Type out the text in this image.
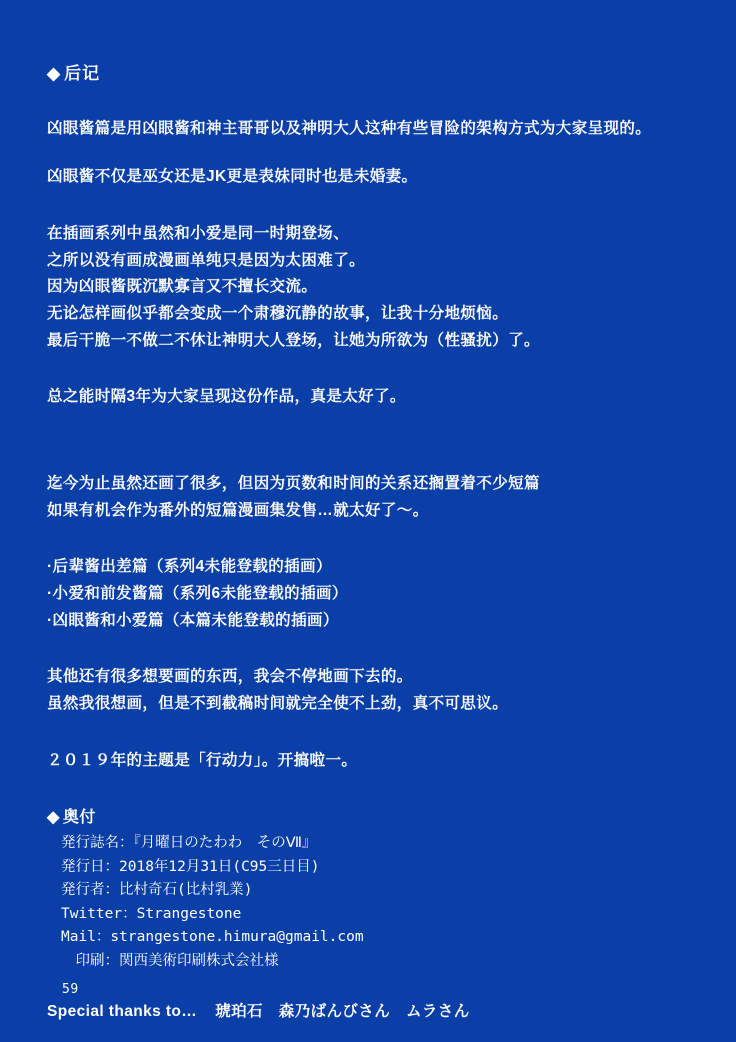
◆ 后记

凶眼酱篇是用凶眼酱和神主哥哥以及神明大人这种有些冒险的架构方式为大家呈现的。

凶眼酱不仅是巫女还是JK更是表妹同时也是未婚妻。

在插画系列中虽然和小爱是同一时期登场、

之所以没有画成漫画单纯只是因为太困难了。

因为凶眼酱既沉默寡言又不擅长交流。

无论怎样画似乎都会变成一个肃穆沉静的故事，让我十分地烦恼。

最后干脆一不做二不休让神明大人登场，让她为所欲为（性骚扰）了。

总之能时隔3年为大家呈现这份作品，真是太好了。

迄今为止虽然还画了很多，但因为页数和时间的关系还搁置着不少短篇

如果有机会作为番外的短篇漫画集发售…就太好了～。

·后辈酱出差篇（系列4未能登载的插画）
·小爱和前发酱篇（系列6未能登载的插画）
·凶眼酱和小爱篇（本篇未能登载的插画）

其他还有很多想要画的东西，我会不停地画下去的。

虽然我很想画，但是不到截稿时间就完全使不上劲，真不可思议。

２０１９年的主题是「行动力」。开搞啦一。

◆ 奥付
発行誌名：『月曜日のたわわ　そのⅦ』
発行日：2018年12月31日(C95三日目)
発行者：比村奇石(比村乳業)
Twitter：Strangestone
Mail：strangestone.himura@gmail.com
　印刷：関西美術印刷株式会社様
Special thanks to… 琥珀石　森乃ばんびさん　ムラさん
59
